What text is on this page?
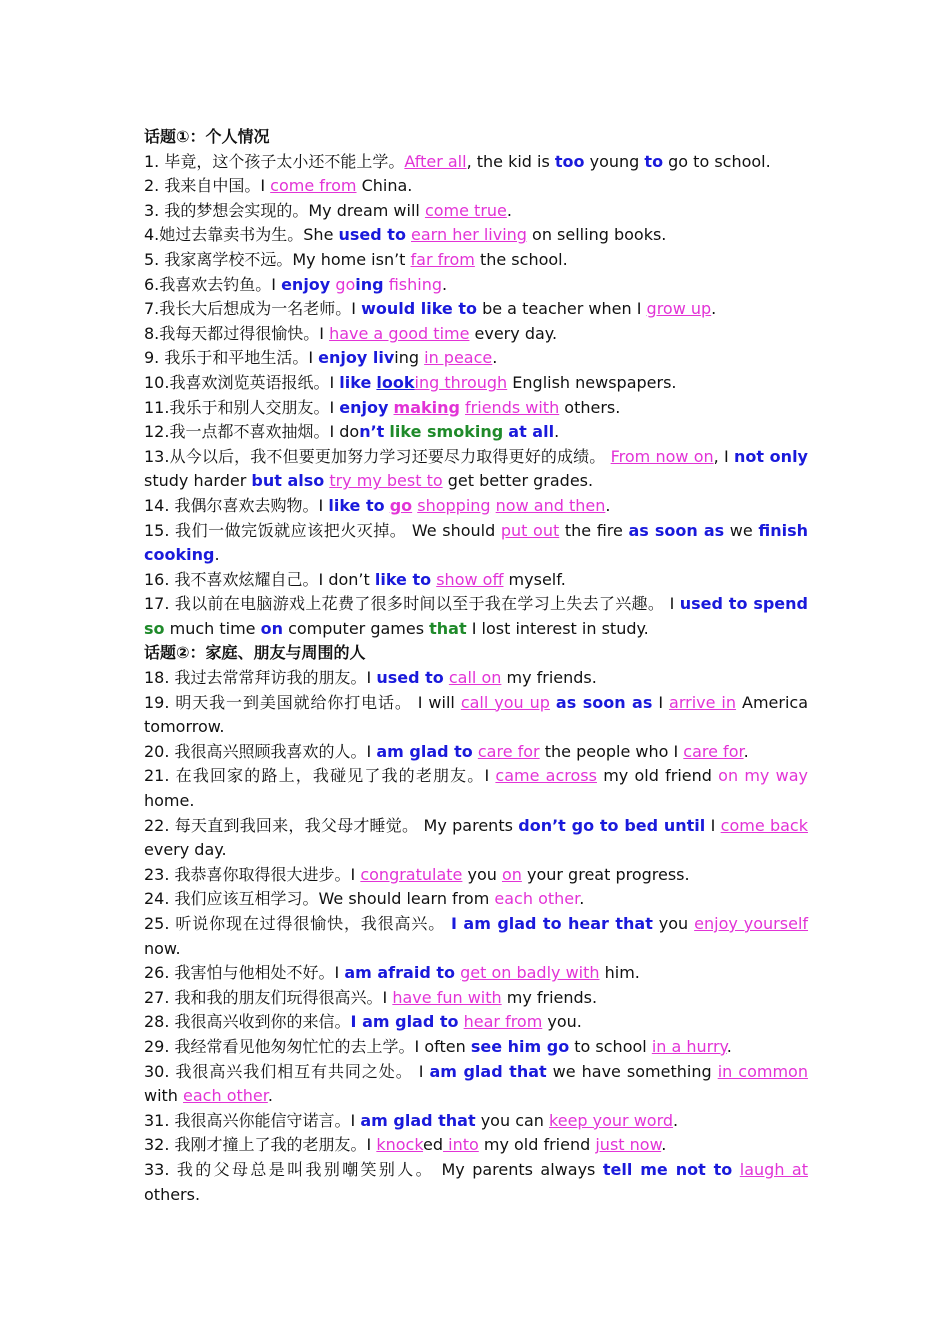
话题①：个人情况
1. 毕竟，这个孩子太小还不能上学。After all, the kid is too young to go to school.
2. 我来自中国。I come from China.
3. 我的梦想会实现的。My dream will come true.
4.她过去靠卖书为生。She used to earn her living on selling books.
5. 我家离学校不远。My home isn’t far from the school.
6.我喜欢去钓鱼。I enjoy going fishing.
7.我长大后想成为一名老师。I would like to be a teacher when I grow up.
8.我每天都过得很愉快。I have a good time every day.
9. 我乐于和平地生活。I enjoy living in peace.
10.我喜欢浏览英语报纸。I like looking through English newspapers.
11.我乐于和别人交朋友。I enjoy making friends with others.
12.我一点都不喜欢抽烟。I don’t like smoking at all.
13.从今以后，我不但要更加努力学习还要尽力取得更好的成绩。 From now on, I not only study harder but also try my best to get better grades.
14. 我偶尔喜欢去购物。I like to go shopping now and then.
15. 我们一做完饭就应该把火灭掉。 We should put out the fire as soon as we finish cooking.
16. 我不喜欢炫耀自己。I don’t like to show off myself.
17. 我以前在电脑游戏上花费了很多时间以至于我在学习上失去了兴趣。 I used to spend so much time on computer games that I lost interest in study.
话题②：家庭、朋友与周围的人
18. 我过去常常拜访我的朋友。I used to call on my friends.
19. 明天我一到美国就给你打电话。 I will call you up as soon as I arrive in America tomorrow.
20. 我很高兴照顾我喜欢的人。I am glad to care for the people who I care for.
21. 在我回家的路上，我碰见了我的老朋友。I came across my old friend on my way home.
22. 每天直到我回来，我父母才睡觉。 My parents don’t go to bed until I come back every day.
23. 我恭喜你取得很大进步。I congratulate you on your great progress.
24. 我们应该互相学习。We should learn from each other.
25. 听说你现在过得很愉快，我很高兴。 I am glad to hear that you enjoy yourself now.
26. 我害怕与他相处不好。I am afraid to get on badly with him.
27. 我和我的朋友们玩得很高兴。I have fun with my friends.
28. 我很高兴收到你的来信。I am glad to hear from you.
29. 我经常看见他匆匆忙忙的去上学。I often see him go to school in a hurry.
30. 我很高兴我们相互有共同之处。 I am glad that we have something in common with each other.
31. 我很高兴你能信守诺言。I am glad that you can keep your word.
32. 我刚才撞上了我的老朋友。I knocked into my old friend just now.
33. 我的父母总是叫我别嘲笑别人。 My parents always tell me not to laugh at others.
